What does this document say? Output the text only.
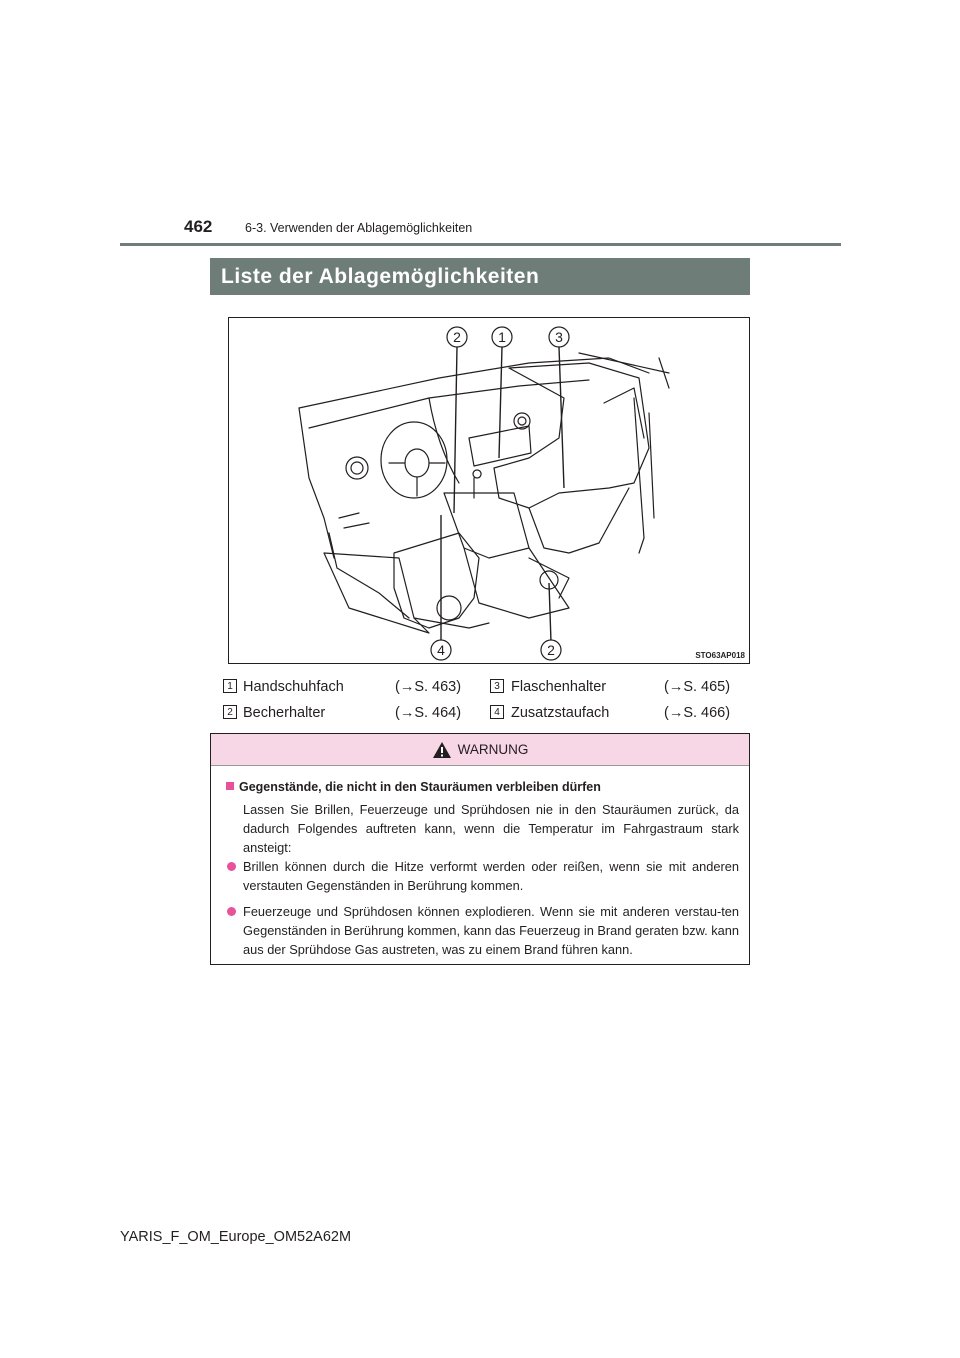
462	6-3. Verwenden der Ablagemöglichkeiten
Liste der Ablagemöglichkeiten
2	1	3
4	2	STO63AP018
1 Handschuhfach	(→S. 463)	3 Flaschenhalter	(→S. 465)
2 Becherhalter	(→S. 464)	4 Zusatzstaufach	(→S. 466)
WARNUNG
Gegenstände, die nicht in den Stauräumen verbleiben dürfen
Lassen Sie Brillen, Feuerzeuge und Sprühdosen nie in den Stauräumen zurück, da dadurch Folgendes auftreten kann, wenn die Temperatur im Fahrgastraum stark ansteigt:
Brillen können durch die Hitze verformt werden oder reißen, wenn sie mit anderen verstauten Gegenständen in Berührung kommen.
Feuerzeuge und Sprühdosen können explodieren. Wenn sie mit anderen verstau-ten Gegenständen in Berührung kommen, kann das Feuerzeug in Brand geraten bzw. kann aus der Sprühdose Gas austreten, was zu einem Brand führen kann.
YARIS_F_OM_Europe_OM52A62M
